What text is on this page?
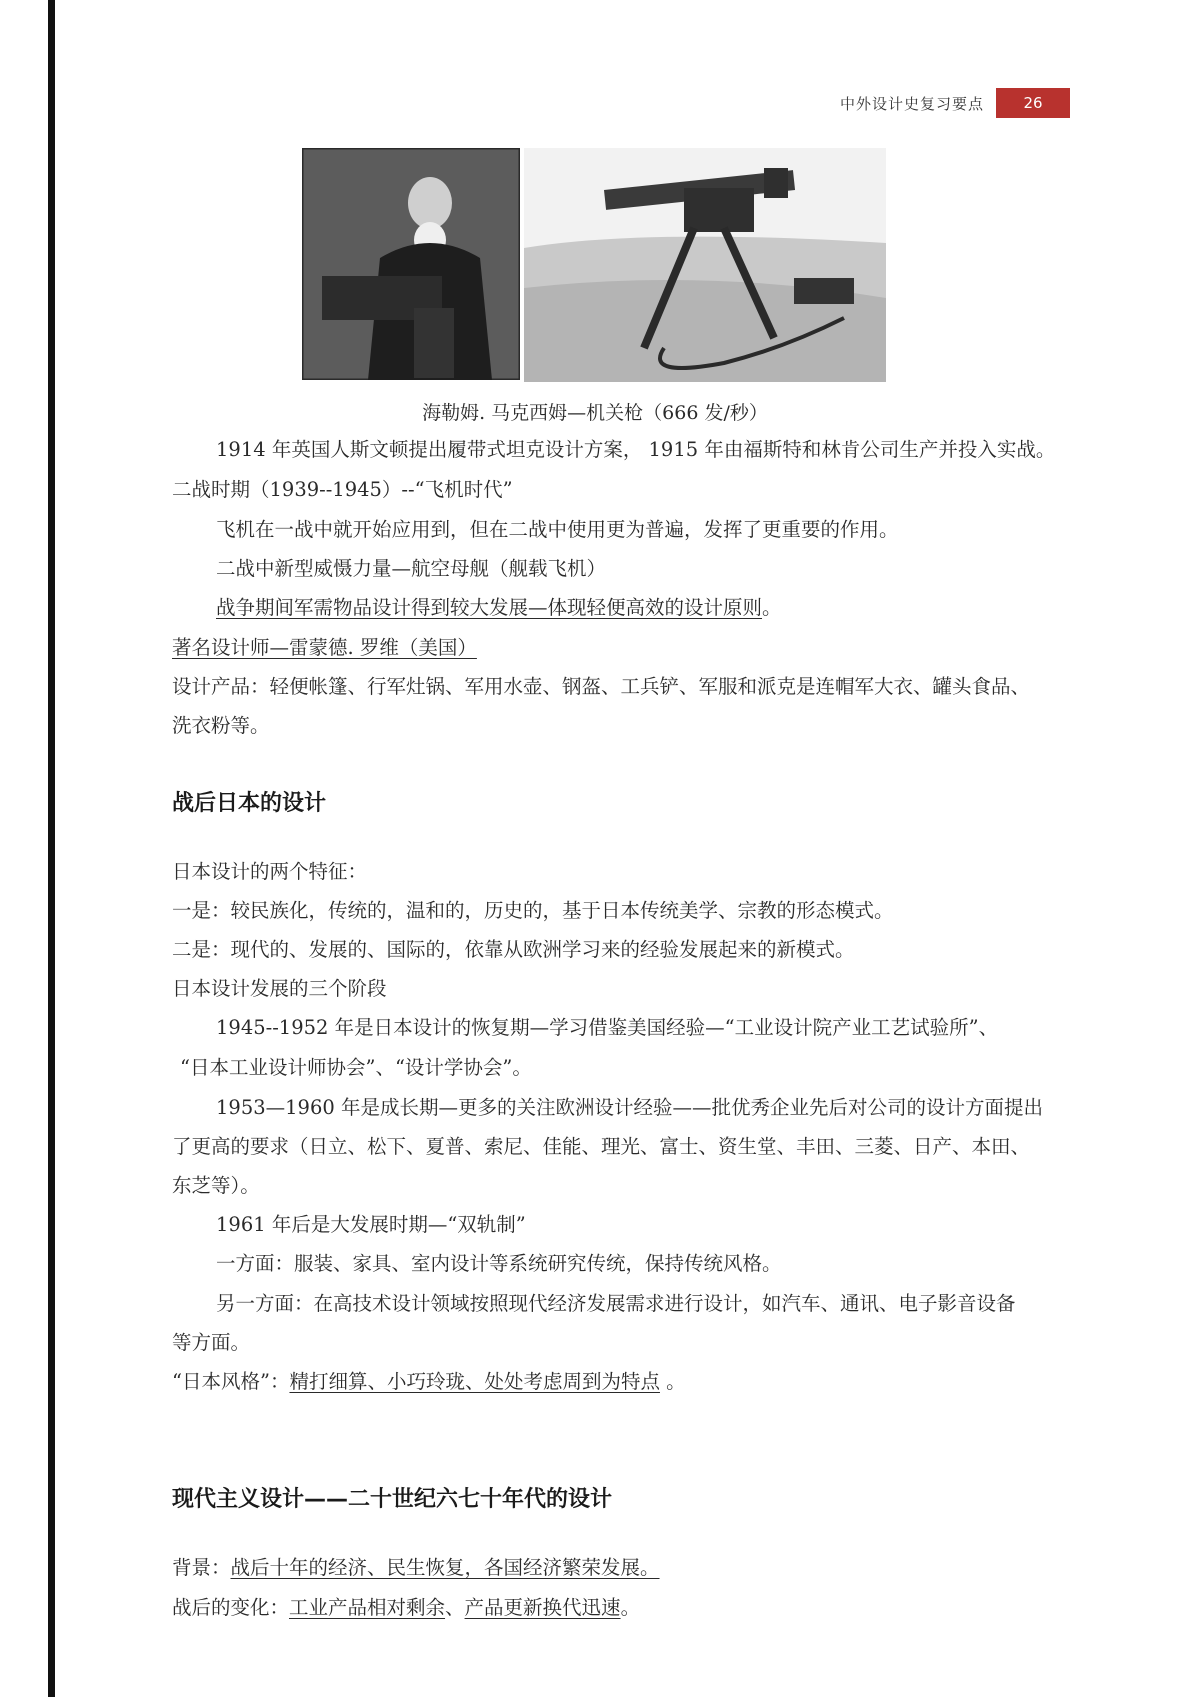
中外设计史复习要点	26
海勒姆. 马克西姆—机关枪（666 发/秒）
1914 年英国人斯文顿提出履带式坦克设计方案， 1915 年由福斯特和林肯公司生产并投入实战。
二战时期（1939--1945）--“飞机时代”
飞机在一战中就开始应用到，但在二战中使用更为普遍，发挥了更重要的作用。
二战中新型威慑力量—航空母舰（舰载飞机）
战争期间军需物品设计得到较大发展—体现轻便高效的设计原则。
著名设计师—雷蒙德. 罗维（美国）
设计产品：轻便帐篷、行军灶锅、军用水壶、钢盔、工兵铲、军服和派克是连帽军大衣、罐头食品、
洗衣粉等。
战后日本的设计
日本设计的两个特征：
一是：较民族化，传统的，温和的，历史的，基于日本传统美学、宗教的形态模式。
二是：现代的、发展的、国际的，依靠从欧洲学习来的经验发展起来的新模式。
日本设计发展的三个阶段
1945--1952 年是日本设计的恢复期—学习借鉴美国经验—“工业设计院产业工艺试验所”、
“日本工业设计师协会”、“设计学协会”。
1953—1960 年是成长期—更多的关注欧洲设计经验——批优秀企业先后对公司的设计方面提出
了更高的要求（日立、松下、夏普、索尼、佳能、理光、富士、资生堂、丰田、三菱、日产、本田、
东芝等）。
1961 年后是大发展时期—“双轨制”
一方面：服装、家具、室内设计等系统研究传统，保持传统风格。
另一方面：在高技术设计领域按照现代经济发展需求进行设计，如汽车、通讯、电子影音设备
等方面。
“日本风格”：精打细算、小巧玲珑、处处考虑周到为特点 。
现代主义设计——二十世纪六七十年代的设计
背景：战后十年的经济、民生恢复，各国经济繁荣发展。
战后的变化：工业产品相对剩余、产品更新换代迅速。
